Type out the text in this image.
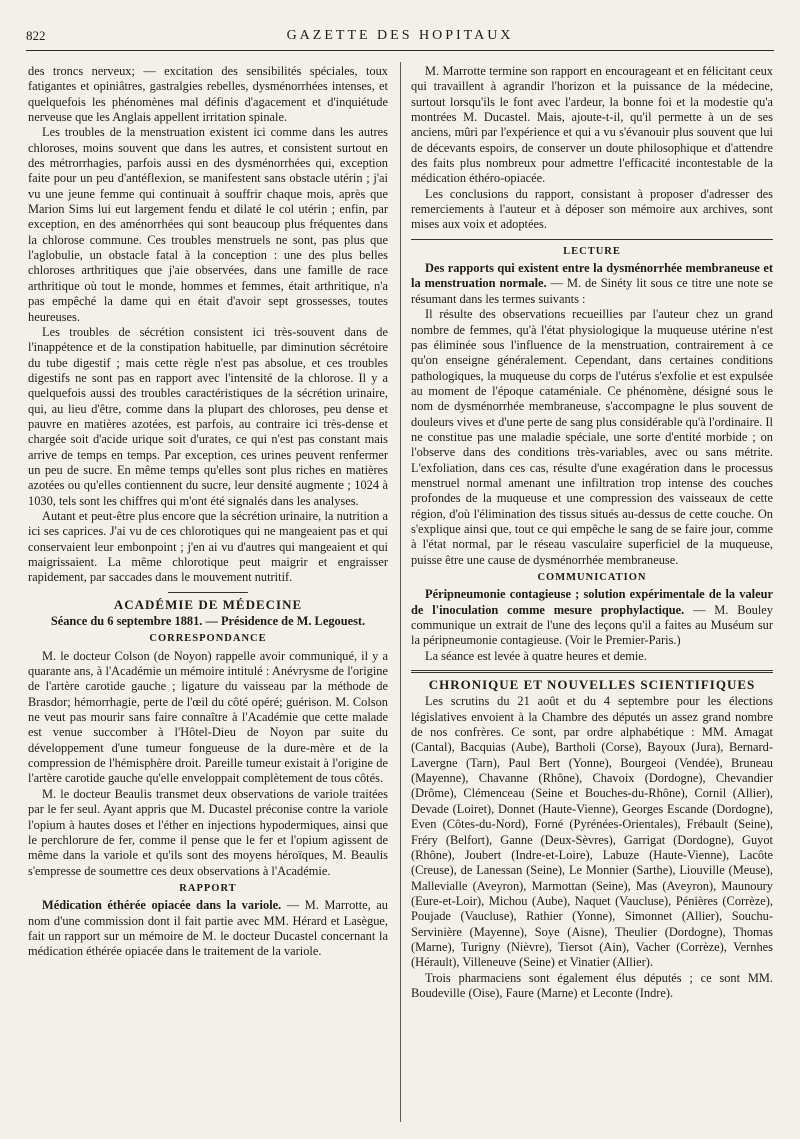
822	GAZETTE DES HOPITAUX

des troncs nerveux; — excitation des sensibilités spéciales, toux fatigantes et opiniâtres, gastralgies rebelles, dysménorrhées intenses, et quelquefois les phénomènes mal définis d'agacement et d'inquiétude nerveuse que les Anglais appellent irritation spinale.

Les troubles de la menstruation existent ici comme dans les autres chloroses, moins souvent que dans les autres, et consistent surtout en des métrorrhagies, parfois aussi en des dysménorrhées qui, exception faite pour un peu d'antéflexion, se manifestent sans obstacle utérin ; j'ai vu une jeune femme qui continuait à souffrir chaque mois, après que Marion Sims lui eut largement fendu et dilaté le col utérin ; enfin, par exception, en des aménorrhées qui sont beaucoup plus fréquentes dans la chlorose commune. Ces troubles menstruels ne sont, pas plus que l'aglobulie, un obstacle fatal à la conception : une des plus belles chloroses arthritiques que j'aie observées, dans une famille de race arthritique où tout le monde, hommes et femmes, était arthritique, n'a pas empêché la dame qui en était d'avoir sept grossesses, toutes heureuses.

Les troubles de sécrétion consistent ici très-souvent dans de l'inappétence et de la constipation habituelle, par diminution sécrétoire du tube digestif ; mais cette règle n'est pas absolue, et ces troubles digestifs ne sont pas en rapport avec l'intensité de la chlorose. Il y a quelquefois aussi des troubles caractéristiques de la sécrétion urinaire, qui, au lieu d'être, comme dans la plupart des chloroses, peu dense et pauvre en matières azotées, est parfois, au contraire ici très-dense et chargée soit d'acide urique soit d'urates, ce qui n'est pas constant mais arrive de temps en temps. Par exception, ces urines peuvent renfermer un peu de sucre. En même temps qu'elles sont plus riches en matières azotées ou qu'elles contiennent du sucre, leur densité augmente ; 1024 à 1030, tels sont les chiffres qui m'ont été signalés dans les analyses.

Autant et peut-être plus encore que la sécrétion urinaire, la nutrition a ici ses caprices. J'ai vu de ces chlorotiques qui ne mangeaient pas et qui conservaient leur embonpoint ; j'en ai vu d'autres qui mangeaient et qui maigrissaient. La même chlorotique peut maigrir et engraisser rapidement, par saccades dans le mouvement nutritif.

ACADÉMIE DE MÉDECINE
Séance du 6 septembre 1881. — Présidence de M. Legouest.
CORRESPONDANCE

M. le docteur Colson (de Noyon) rappelle avoir communiqué, il y a quarante ans, à l'Académie un mémoire intitulé : Anévrysme de l'origine de l'artère carotide gauche ; ligature du vaisseau par la méthode de Brasdor; hémorrhagie, perte de l'œil du côté opéré; guérison. M. Colson ne veut pas mourir sans faire connaître à l'Académie que cette malade est venue succomber à l'Hôtel-Dieu de Noyon par suite du développement d'une tumeur fongueuse de la dure-mère et de la compression de l'hémisphère droit. Pareille tumeur existait à l'origine de l'artère carotide gauche qu'elle enveloppait complètement de tous côtés.

M. le docteur Beaulis transmet deux observations de variole traitées par le fer seul. Ayant appris que M. Ducastel préconise contre la variole l'opium à hautes doses et l'éther en injections hypodermiques, ainsi que le perchlorure de fer, comme il pense que le fer et l'opium agissent de même dans la variole et qu'ils sont des moyens héroïques, M. Beaulis s'empresse de soumettre ces deux observations à l'Académie.

RAPPORT

Médication éthérée opiacée dans la variole. — M. Marrotte, au nom d'une commission dont il fait partie avec MM. Hérard et Lasègue, fait un rapport sur un mémoire de M. le docteur Ducastel concernant la médication éthérée opiacée dans le traitement de la variole.

M. Marrotte termine son rapport en encourageant et en félicitant ceux qui travaillent à agrandir l'horizon et la puissance de la médecine, surtout lorsqu'ils le font avec l'ardeur, la bonne foi et la modestie qu'a montrées M. Ducastel. Mais, ajoute-t-il, qu'il permette à un de ses anciens, mûri par l'expérience et qui a vu s'évanouir plus souvent que lui de décevants espoirs, de conserver un doute philosophique et d'attendre des faits plus nombreux pour admettre l'efficacité incontestable de la médication éthéro-opiacée.

Les conclusions du rapport, consistant à proposer d'adresser des remerciements à l'auteur et à déposer son mémoire aux archives, sont mises aux voix et adoptées.

LECTURE

Des rapports qui existent entre la dysménorrhée membraneuse et la menstruation normale. — M. de Sinéty lit sous ce titre une note se résumant dans les termes suivants :

Il résulte des observations recueillies par l'auteur chez un grand nombre de femmes, qu'à l'état physiologique la muqueuse utérine n'est pas éliminée sous l'influence de la menstruation, contrairement à ce qu'on enseigne généralement. Cependant, dans certaines conditions pathologiques, la muqueuse du corps de l'utérus s'exfolie et est expulsée au moment de l'époque cataméniale. Ce phénomène, désigné sous le nom de dysménorrhée membraneuse, s'accompagne le plus souvent de douleurs vives et d'une perte de sang plus considérable qu'à l'ordinaire. Il ne constitue pas une maladie spéciale, une sorte d'entité morbide ; on l'observe dans des conditions très-variables, avec ou sans métrite. L'exfoliation, dans ces cas, résulte d'une exagération dans le processus menstruel normal amenant une infiltration trop intense des couches profondes de la muqueuse et une compression des vaisseaux de cette région, d'où l'élimination des tissus situés au-dessus de cette couche. On s'explique ainsi que, tout ce qui empêche le sang de se faire jour, comme à l'état normal, par le réseau vasculaire superficiel de la muqueuse, puisse être une cause de dysménorrhée membraneuse.

COMMUNICATION

Péripneumonie contagieuse ; solution expérimentale de la valeur de l'inoculation comme mesure prophylactique. — M. Bouley communique un extrait de l'une des leçons qu'il a faites au Muséum sur la péripneumonie contagieuse. (Voir le Premier-Paris.)

La séance est levée à quatre heures et demie.

CHRONIQUE ET NOUVELLES SCIENTIFIQUES

Les scrutins du 21 août et du 4 septembre pour les élections législatives envoient à la Chambre des députés un assez grand nombre de nos confrères. Ce sont, par ordre alphabétique : MM. Amagat (Cantal), Bacquias (Aube), Bartholi (Corse), Bayoux (Jura), Bernard-Lavergne (Tarn), Paul Bert (Yonne), Bourgeoi (Vendée), Bruneau (Mayenne), Chavanne (Rhône), Chavoix (Dordogne), Chevandier (Drôme), Clémenceau (Seine et Bouches-du-Rhône), Cornil (Allier), Devade (Loiret), Donnet (Haute-Vienne), Georges Escande (Dordogne), Even (Côtes-du-Nord), Forné (Pyrénées-Orientales), Frébault (Seine), Fréry (Belfort), Ganne (Deux-Sèvres), Garrigat (Dordogne), Guyot (Rhône), Joubert (Indre-et-Loire), Labuze (Haute-Vienne), Lacôte (Creuse), de Lanessan (Seine), Le Monnier (Sarthe), Liouville (Meuse), Mallevialle (Aveyron), Marmottan (Seine), Mas (Aveyron), Maunoury (Eure-et-Loir), Michou (Aube), Naquet (Vaucluse), Pénières (Corrèze), Poujade (Vaucluse), Rathier (Yonne), Simonnet (Allier), Souchu-Servinière (Mayenne), Soye (Aisne), Theulier (Dordogne), Thomas (Marne), Turigny (Nièvre), Tiersot (Ain), Vacher (Corrèze), Vernhes (Hérault), Villeneuve (Seine) et Vinatier (Allier).

Trois pharmaciens sont également élus députés ; ce sont MM. Boudeville (Oise), Faure (Marne) et Leconte (Indre).
